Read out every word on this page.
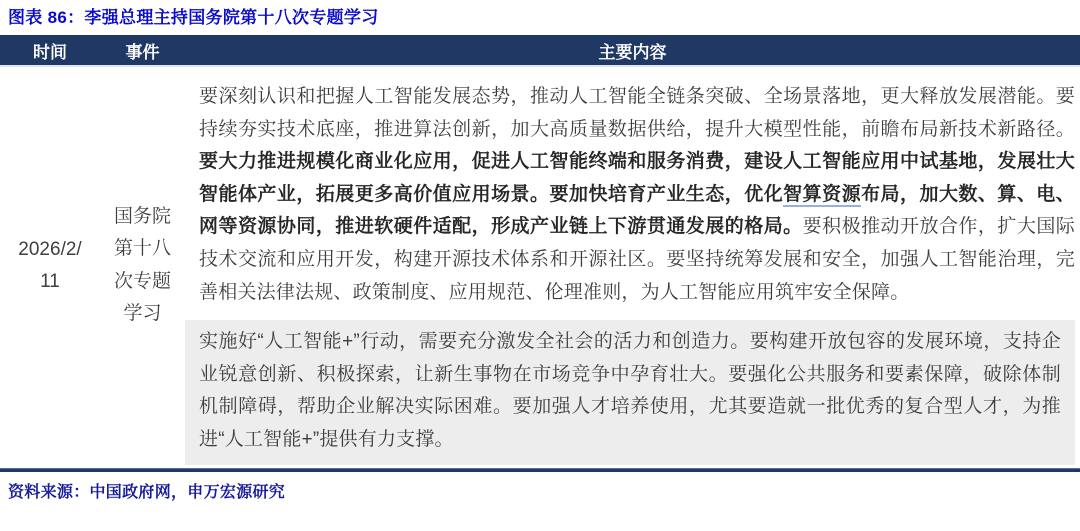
图表 86：李强总理主持国务院第十八次专题学习
时间	事件	主要内容
2026/2/11
国务院第十八次专题学习

要深刻认识和把握人工智能发展态势，推动人工智能全链条突破、全场景落地，更大释放发展潜能。要持续夯实技术底座，推进算法创新，加大高质量数据供给，提升大模型性能，前瞻布局新技术新路径。要大力推进规模化商业化应用，促进人工智能终端和服务消费，建设人工智能应用中试基地，发展壮大智能体产业，拓展更多高价值应用场景。要加快培育产业生态，优化智算资源布局，加大数、算、电、网等资源协同，推进软硬件适配，形成产业链上下游贯通发展的格局。要积极推动开放合作，扩大国际技术交流和应用开发，构建开源技术体系和开源社区。要坚持统筹发展和安全，加强人工智能治理，完善相关法律法规、政策制度、应用规范、伦理准则，为人工智能应用筑牢安全保障。

实施好“人工智能+”行动，需要充分激发全社会的活力和创造力。要构建开放包容的发展环境，支持企业锐意创新、积极探索，让新生事物在市场竞争中孕育壮大。要强化公共服务和要素保障，破除体制机制障碍，帮助企业解决实际困难。要加强人才培养使用，尤其要造就一批优秀的复合型人才，为推进“人工智能+”提供有力支撑。

资料来源：中国政府网，申万宏源研究
